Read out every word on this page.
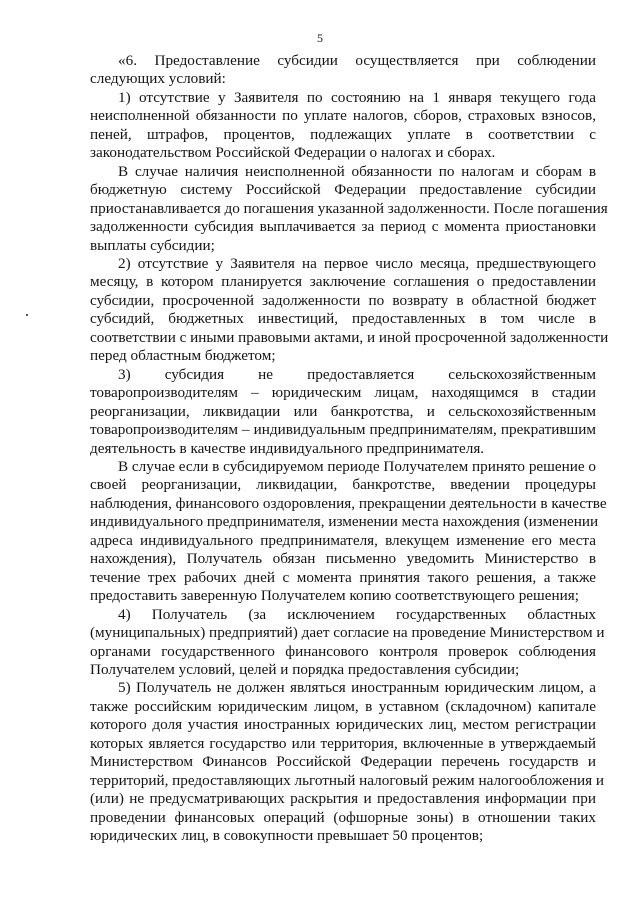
5

«6. Предоставление субсидии осуществляется при соблюдении
следующих условий:

1) отсутствие у Заявителя по состоянию на 1 января текущего года
неисполненной обязанности по уплате налогов, сборов, страховых взносов,
пеней, штрафов, процентов, подлежащих уплате в соответствии с
законодательством Российской Федерации о налогах и сборах.

В случае наличия неисполненной обязанности по налогам и сборам в
бюджетную систему Российской Федерации предоставление субсидии
приостанавливается до погашения указанной задолженности. После погашения
задолженности субсидия выплачивается за период с момента приостановки
выплаты субсидии;

2) отсутствие у Заявителя на первое число месяца, предшествующего
месяцу, в котором планируется заключение соглашения о предоставлении
субсидии, просроченной задолженности по возврату в областной бюджет
субсидий, бюджетных инвестиций, предоставленных в том числе в
соответствии с иными правовыми актами, и иной просроченной задолженности
перед областным бюджетом;

3) субсидия не предоставляется сельскохозяйственным
товаропроизводителям – юридическим лицам, находящимся в стадии
реорганизации, ликвидации или банкротства, и сельскохозяйственным
товаропроизводителям – индивидуальным предпринимателям, прекратившим
деятельность в качестве индивидуального предпринимателя.

В случае если в субсидируемом периоде Получателем принято решение о
своей реорганизации, ликвидации, банкротстве, введении процедуры
наблюдения, финансового оздоровления, прекращении деятельности в качестве
индивидуального предпринимателя, изменении места нахождения (изменении
адреса индивидуального предпринимателя, влекущем изменение его места
нахождения), Получатель обязан письменно уведомить Министерство в
течение трех рабочих дней с момента принятия такого решения, а также
предоставить заверенную Получателем копию соответствующего решения;

4) Получатель (за исключением государственных областных
(муниципальных) предприятий) дает согласие на проведение Министерством и
органами государственного финансового контроля проверок соблюдения
Получателем условий, целей и порядка предоставления субсидии;

5) Получатель не должен являться иностранным юридическим лицом, а
также российским юридическим лицом, в уставном (складочном) капитале
которого доля участия иностранных юридических лиц, местом регистрации
которых является государство или территория, включенные в утверждаемый
Министерством Финансов Российской Федерации перечень государств и
территорий, предоставляющих льготный налоговый режим налогообложения и
(или) не предусматривающих раскрытия и предоставления информации при
проведении финансовых операций (офшорные зоны) в отношении таких
юридических лиц, в совокупности превышает 50 процентов;
